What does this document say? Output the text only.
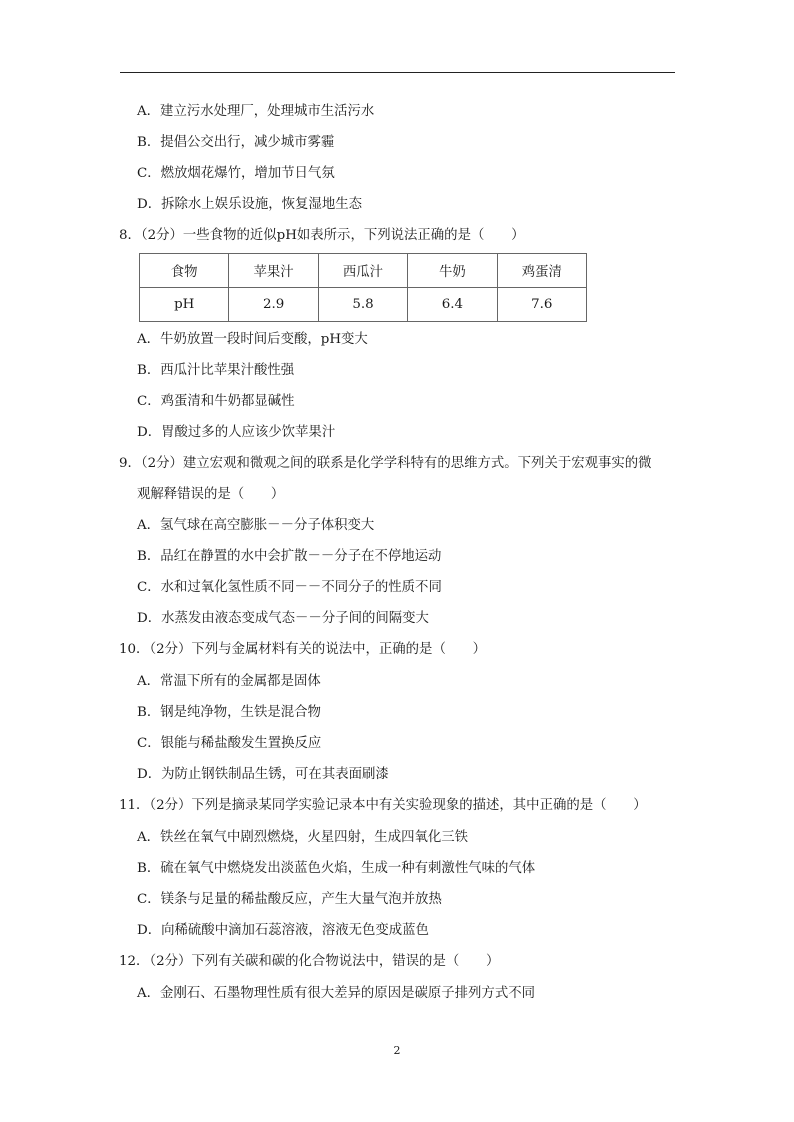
A．建立污水处理厂，处理城市生活污水
B．提倡公交出行，减少城市雾霾
C．燃放烟花爆竹，增加节日气氛
D．拆除水上娱乐设施，恢复湿地生态
8．（2分）一些食物的近似pH如表所示，下列说法正确的是（　　）
食物	苹果汁	西瓜汁	牛奶	鸡蛋清
pH	2.9	5.8	6.4	7.6
A．牛奶放置一段时间后变酸，pH变大
B．西瓜汁比苹果汁酸性强
C．鸡蛋清和牛奶都显碱性
D．胃酸过多的人应该少饮苹果汁
9．（2分）建立宏观和微观之间的联系是化学学科特有的思维方式。下列关于宏观事实的微
观解释错误的是（　　）
A．氢气球在高空膨胀－－分子体积变大
B．品红在静置的水中会扩散－－分子在不停地运动
C．水和过氧化氢性质不同－－不同分子的性质不同
D．水蒸发由液态变成气态－－分子间的间隔变大
10．（2分）下列与金属材料有关的说法中，正确的是（　　）
A．常温下所有的金属都是固体
B．钢是纯净物，生铁是混合物
C．银能与稀盐酸发生置换反应
D．为防止钢铁制品生锈，可在其表面刷漆
11．（2分）下列是摘录某同学实验记录本中有关实验现象的描述，其中正确的是（　　）
A．铁丝在氧气中剧烈燃烧，火星四射，生成四氧化三铁
B．硫在氧气中燃烧发出淡蓝色火焰，生成一种有刺激性气味的气体
C．镁条与足量的稀盐酸反应，产生大量气泡并放热
D．向稀硫酸中滴加石蕊溶液，溶液无色变成蓝色
12．（2分）下列有关碳和碳的化合物说法中，错误的是（　　）
A．金刚石、石墨物理性质有很大差异的原因是碳原子排列方式不同
2
